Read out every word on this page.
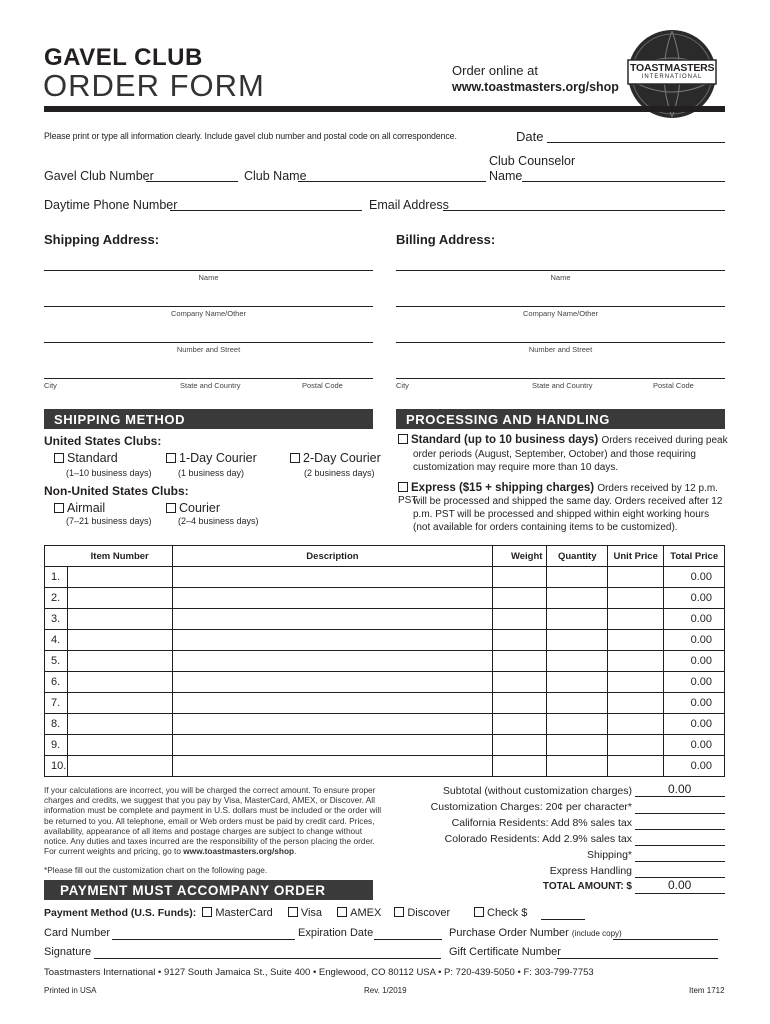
GAVEL CLUB
ORDER FORM	Order online at
www.toastmasters.org/shop
TOASTMASTERS
INTERNATIONAL
Please print or type all information clearly. Include gavel club number and postal code on all correspondence.	Date
Club Counselor
Gavel Club Number	Club Name	Name
Daytime Phone Number	Email Address
Shipping Address:
Name
Company Name/Other
Number and Street
City	State and Country	Postal Code
Billing Address:
Name
Company Name/Other
Number and Street
City	State and Country	Postal Code
SHIPPING METHOD
United States Clubs:
Standard
(1–10 business days)
1-Day Courier
(1 business day)
2-Day Courier
(2 business days)
Non-United States Clubs:
Airmail
(7–21 business days)
Courier
(2–4 business days)
PROCESSING AND HANDLING
Standard (up to 10 business days) Orders received during peak
order periods (August, September, October) and those requiring
customization may require more than 10 days.
Express ($15 + shipping charges) Orders received by 12 p.m. PST
will be processed and shipped the same day. Orders received after 12
p.m. PST will be processed and shipped within eight working hours
(not available for orders containing items to be customized).
	Item Number	Description	Weight	Quantity	Unit Price	Total Price
1.						0.00
2.						0.00
3.						0.00
4.						0.00
5.						0.00
6.						0.00
7.						0.00
8.						0.00
9.						0.00
10.						0.00
If your calculations are incorrect, you will be charged the correct amount. To ensure proper charges and credits, we suggest that you pay by Visa, MasterCard, AMEX, or Discover. All information must be complete and payment in U.S. dollars must be included or the order will be returned to you. All telephone, email or Web orders must be paid by credit card. Prices, availability, appearance of all items and postage charges are subject to change without notice. Any duties and taxes incurred are the responsibility of the person placing the order. For current weights and pricing, go to www.toastmasters.org/shop.
*Please fill out the customization chart on the following page.
Subtotal (without customization charges)	0.00
Customization Charges: 20¢ per character*
California Residents: Add 8% sales tax
Colorado Residents: Add 2.9% sales tax
Shipping*
Express Handling
TOTAL AMOUNT: $	0.00
PAYMENT MUST ACCOMPANY ORDER
Payment Method (U.S. Funds): MasterCard	Visa	AMEX Discover	Check $
Card Number	Expiration Date	Purchase Order Number (include copy)
Signature	Gift Certificate Number
Toastmasters International • 9127 South Jamaica St., Suite 400 • Englewood, CO 80112 USA • P: 720-439-5050 • F: 303-799-7753
Printed in USA	Rev. 1/2019	Item 1712
